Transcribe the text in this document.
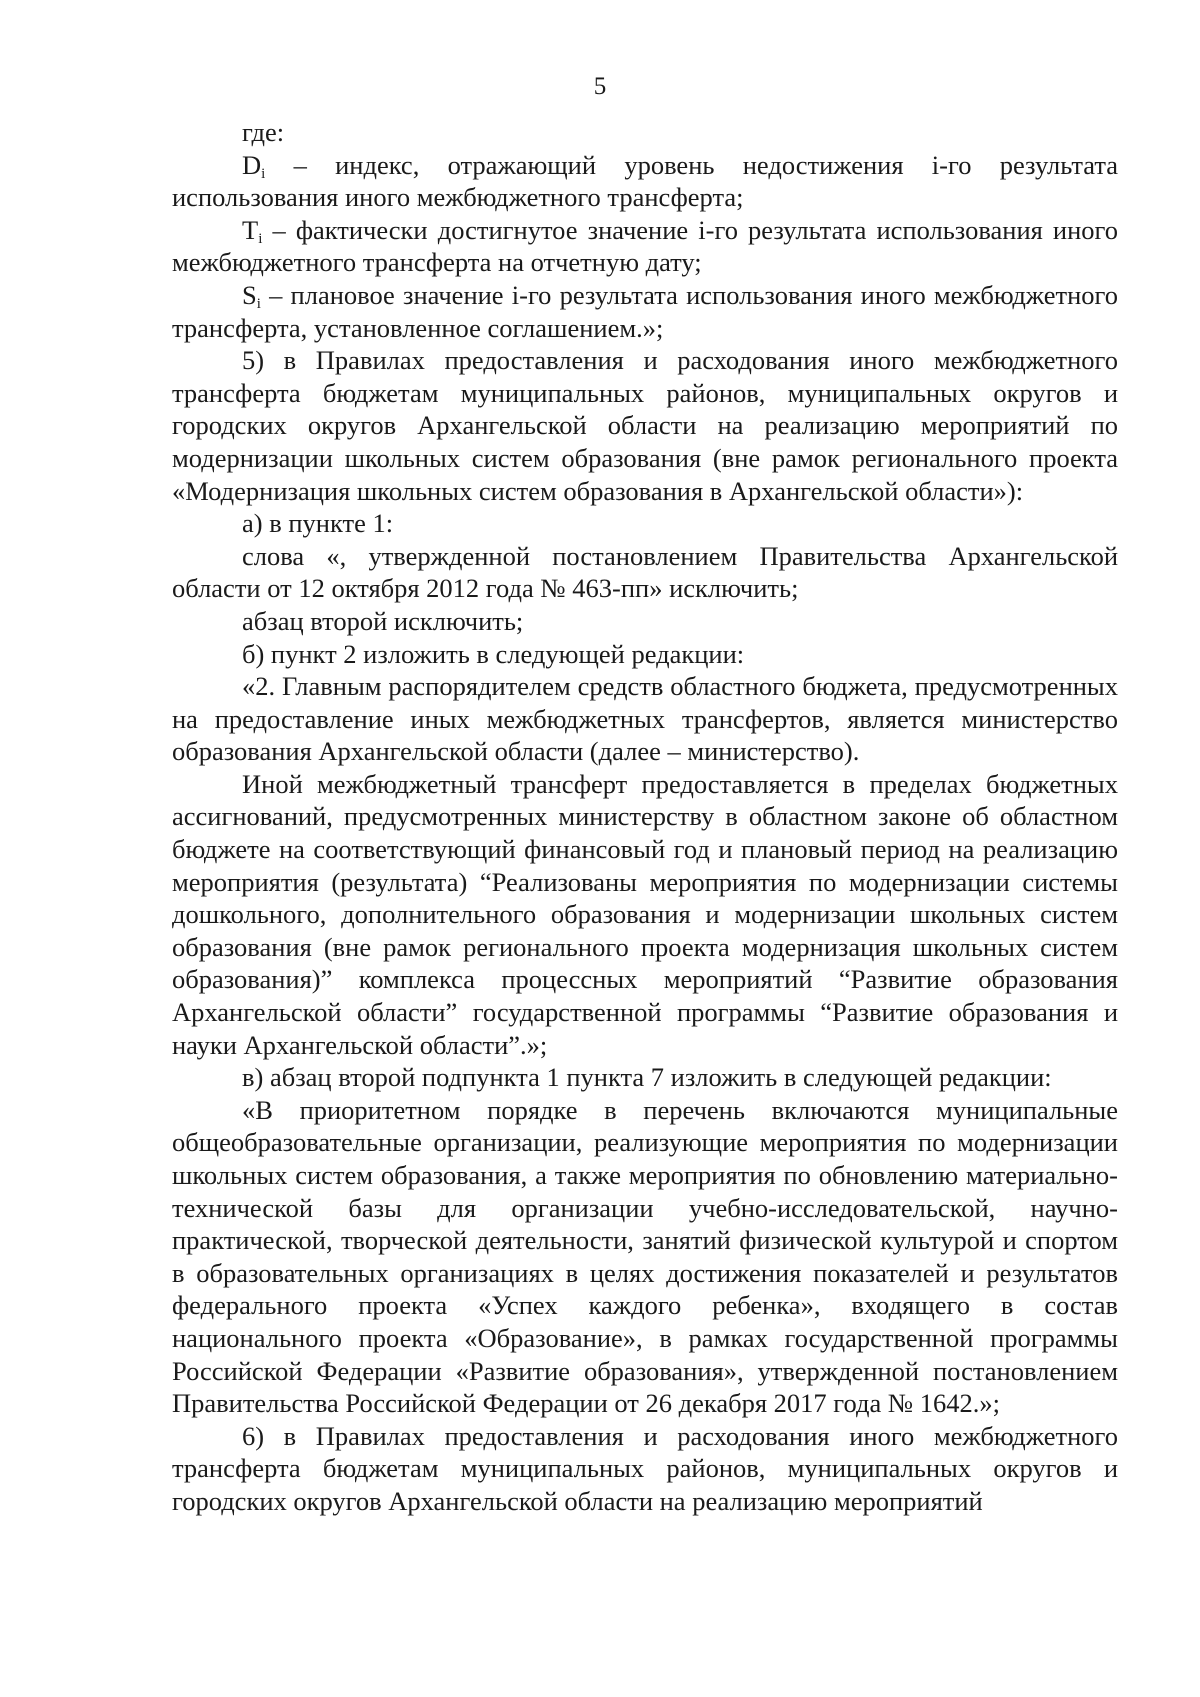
5

где:

$D_i$ – индекс, отражающий уровень недостижения i-го результата использования иного межбюджетного трансферта;

$T_i$ – фактически достигнутое значение i-го результата использования иного межбюджетного трансферта на отчетную дату;

$S_i$ – плановое значение i-го результата использования иного межбюджетного трансферта, установленное соглашением.»;

5) в Правилах предоставления и расходования иного межбюджетного трансферта бюджетам муниципальных районов, муниципальных округов и городских округов Архангельской области на реализацию мероприятий по модернизации школьных систем образования (вне рамок регионального проекта «Модернизация школьных систем образования в Архангельской области»):

а) в пункте 1:

слова «, утвержденной постановлением Правительства Архангельской области от 12 октября 2012 года № 463-пп» исключить;

абзац второй исключить;

б) пункт 2 изложить в следующей редакции:

«2. Главным распорядителем средств областного бюджета, предусмотренных на предоставление иных межбюджетных трансфертов, является министерство образования Архангельской области (далее – министерство).

Иной межбюджетный трансферт предоставляется в пределах бюджетных ассигнований, предусмотренных министерству в областном законе об областном бюджете на соответствующий финансовый год и плановый период на реализацию мероприятия (результата) “Реализованы мероприятия по модернизации системы дошкольного, дополнительного образования и модернизации школьных систем образования (вне рамок регионального проекта модернизация школьных систем образования)” комплекса процессных мероприятий “Развитие образования Архангельской области” государственной программы “Развитие образования и науки Архангельской области”.»;

в) абзац второй подпункта 1 пункта 7 изложить в следующей редакции:

«В приоритетном порядке в перечень включаются муниципальные общеобразовательные организации, реализующие мероприятия по модернизации школьных систем образования, а также мероприятия по обновлению материально-технической базы для организации учебно-исследовательской, научно-практической, творческой деятельности, занятий физической культурой и спортом в образовательных организациях в целях достижения показателей и результатов федерального проекта «Успех каждого ребенка», входящего в состав национального проекта «Образование», в рамках государственной программы Российской Федерации «Развитие образования», утвержденной постановлением Правительства Российской Федерации от 26 декабря 2017 года № 1642.»;

6) в Правилах предоставления и расходования иного межбюджетного трансферта бюджетам муниципальных районов, муниципальных округов и городских округов Архангельской области на реализацию мероприятий
